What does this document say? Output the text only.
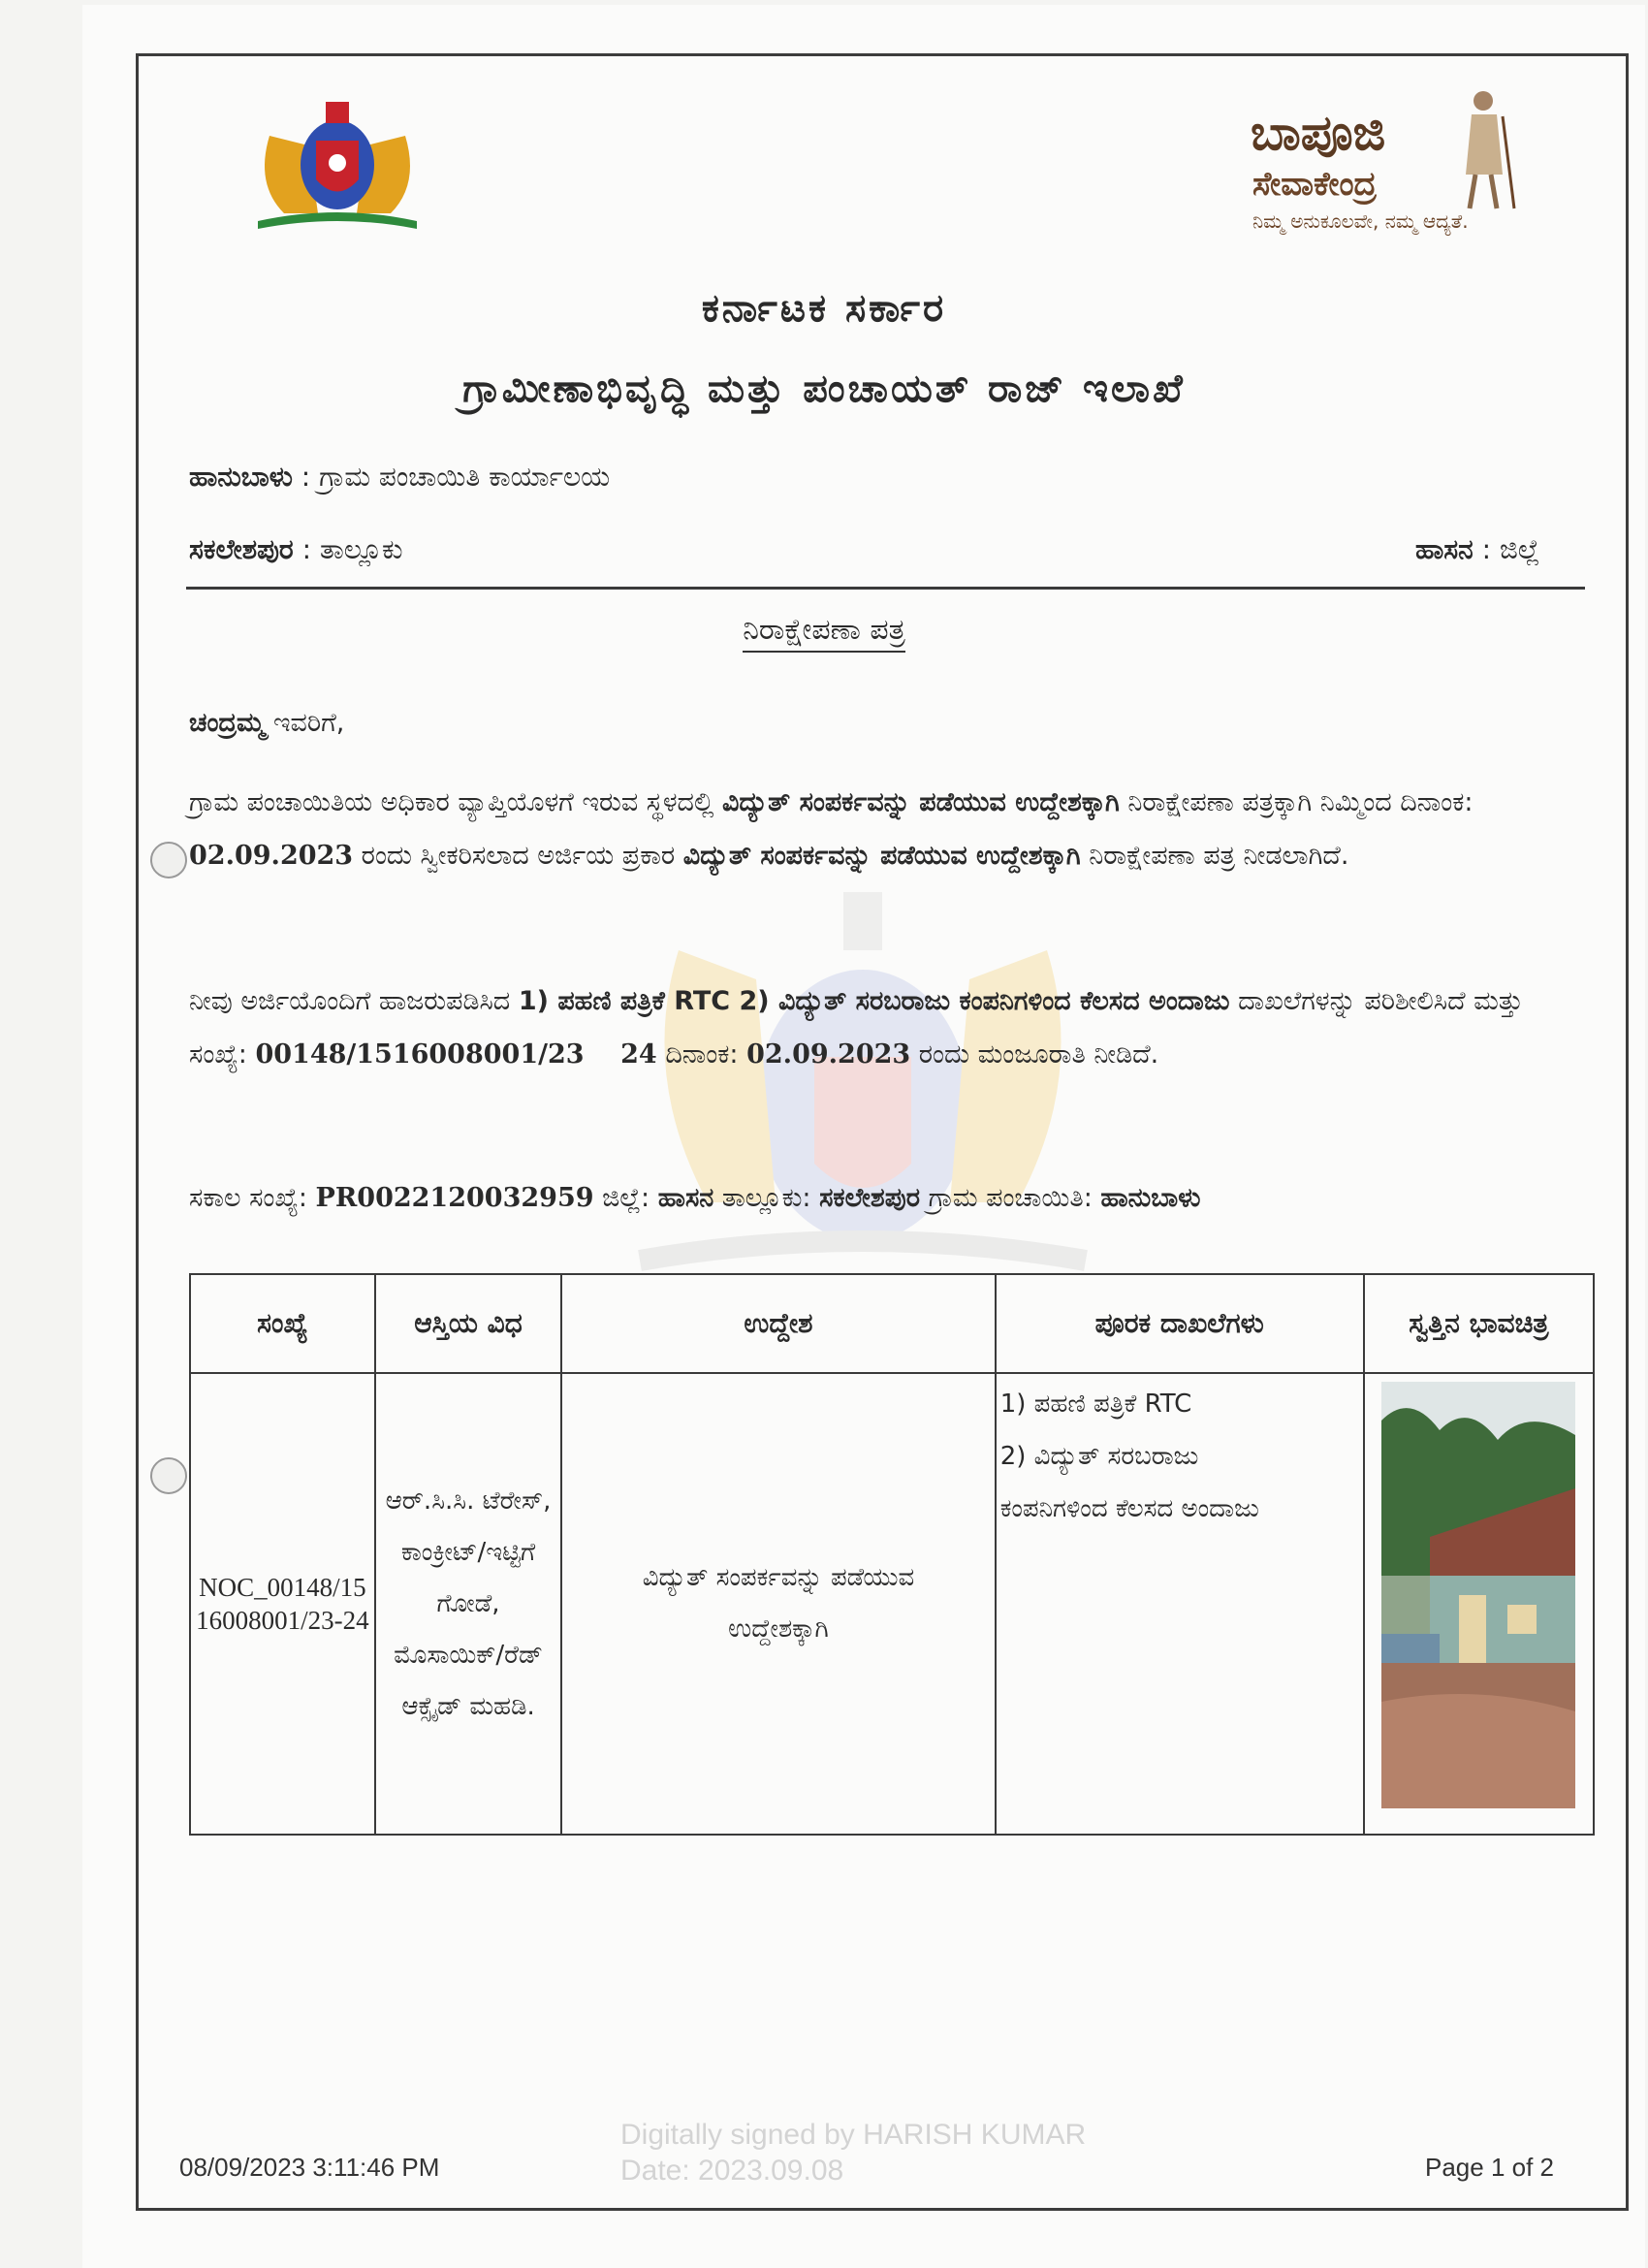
ಬಾಪೂಜಿ
ಸೇವಾಕೇಂದ್ರ
ನಿಮ್ಮ ಅನುಕೂಲವೇ, ನಮ್ಮ ಆದ್ಯತೆ.
ಕರ್ನಾಟಕ ಸರ್ಕಾರ
ಗ್ರಾಮೀಣಾಭಿವೃದ್ಧಿ ಮತ್ತು ಪಂಚಾಯತ್ ರಾಜ್ ಇಲಾಖೆ
ಹಾನುಬಾಳು : ಗ್ರಾಮ ಪಂಚಾಯಿತಿ ಕಾರ್ಯಾಲಯ
ಸಕಲೇಶಪುರ : ತಾಲ್ಲೂಕು	ಹಾಸನ : ಜಿಲ್ಲೆ
ನಿರಾಕ್ಷೇಪಣಾ ಪತ್ರ
ಚಂದ್ರಮ್ಮ ಇವರಿಗೆ,
ಗ್ರಾಮ ಪಂಚಾಯಿತಿಯ ಅಧಿಕಾರ ವ್ಯಾಪ್ತಿಯೊಳಗೆ ಇರುವ ಸ್ಥಳದಲ್ಲಿ ವಿದ್ಯುತ್ ಸಂಪರ್ಕವನ್ನು ಪಡೆಯುವ ಉದ್ದೇಶಕ್ಕಾಗಿ ನಿರಾಕ್ಷೇಪಣಾ ಪತ್ರಕ್ಕಾಗಿ ನಿಮ್ಮಿಂದ ದಿನಾಂಕ: 02.09.2023 ರಂದು ಸ್ವೀಕರಿಸಲಾದ ಅರ್ಜಿಯ ಪ್ರಕಾರ ವಿದ್ಯುತ್ ಸಂಪರ್ಕವನ್ನು ಪಡೆಯುವ ಉದ್ದೇಶಕ್ಕಾಗಿ ನಿರಾಕ್ಷೇಪಣಾ ಪತ್ರ ನೀಡಲಾಗಿದೆ.
ನೀವು ಅರ್ಜಿಯೊಂದಿಗೆ ಹಾಜರುಪಡಿಸಿದ 1) ಪಹಣಿ ಪತ್ರಿಕೆ RTC 2) ವಿದ್ಯುತ್ ಸರಬರಾಜು ಕಂಪನಿಗಳಿಂದ ಕೆಲಸದ ಅಂದಾಜು ದಾಖಲೆಗಳನ್ನು ಪರಿಶೀಲಿಸಿದೆ ಮತ್ತು ಸಂಖ್ಯೆ: 00148/1516008001/23    24 ದಿನಾಂಕ: 02.09.2023 ರಂದು ಮಂಜೂರಾತಿ ನೀಡಿದೆ.
ಸಕಾಲ ಸಂಖ್ಯೆ: PR0022120032959 ಜಿಲ್ಲೆ: ಹಾಸನ ತಾಲ್ಲೂಕು: ಸಕಲೇಶಪುರ ಗ್ರಾಮ ಪಂಚಾಯಿತಿ: ಹಾನುಬಾಳು
ಸಂಖ್ಯೆ	ಆಸ್ತಿಯ ವಿಧ	ಉದ್ದೇಶ	ಪೂರಕ ದಾಖಲೆಗಳು	ಸ್ವತ್ತಿನ ಭಾವಚಿತ್ರ
NOC_00148/1516008001/23-24	ಆರ್.ಸಿ.ಸಿ. ಟೆರೇಸ್, ಕಾಂಕ್ರೀಟ್/ಇಟ್ಟಿಗೆ ಗೋಡೆ, ಮೊಸಾಯಿಕ್/ರೆಡ್ ಆಕ್ಸೈಡ್ ಮಹಡಿ.	ವಿದ್ಯುತ್ ಸಂಪರ್ಕವನ್ನು ಪಡೆಯುವ ಉದ್ದೇಶಕ್ಕಾಗಿ	1) ಪಹಣಿ ಪತ್ರಿಕೆ RTC
2) ವಿದ್ಯುತ್ ಸರಬರಾಜು
ಕಂಪನಿಗಳಿಂದ ಕೆಲಸದ ಅಂದಾಜು

Digitally signed by HARISH KUMAR
Date: 2023.09.08
08/09/2023 3:11:46 PM	Page 1 of 2
